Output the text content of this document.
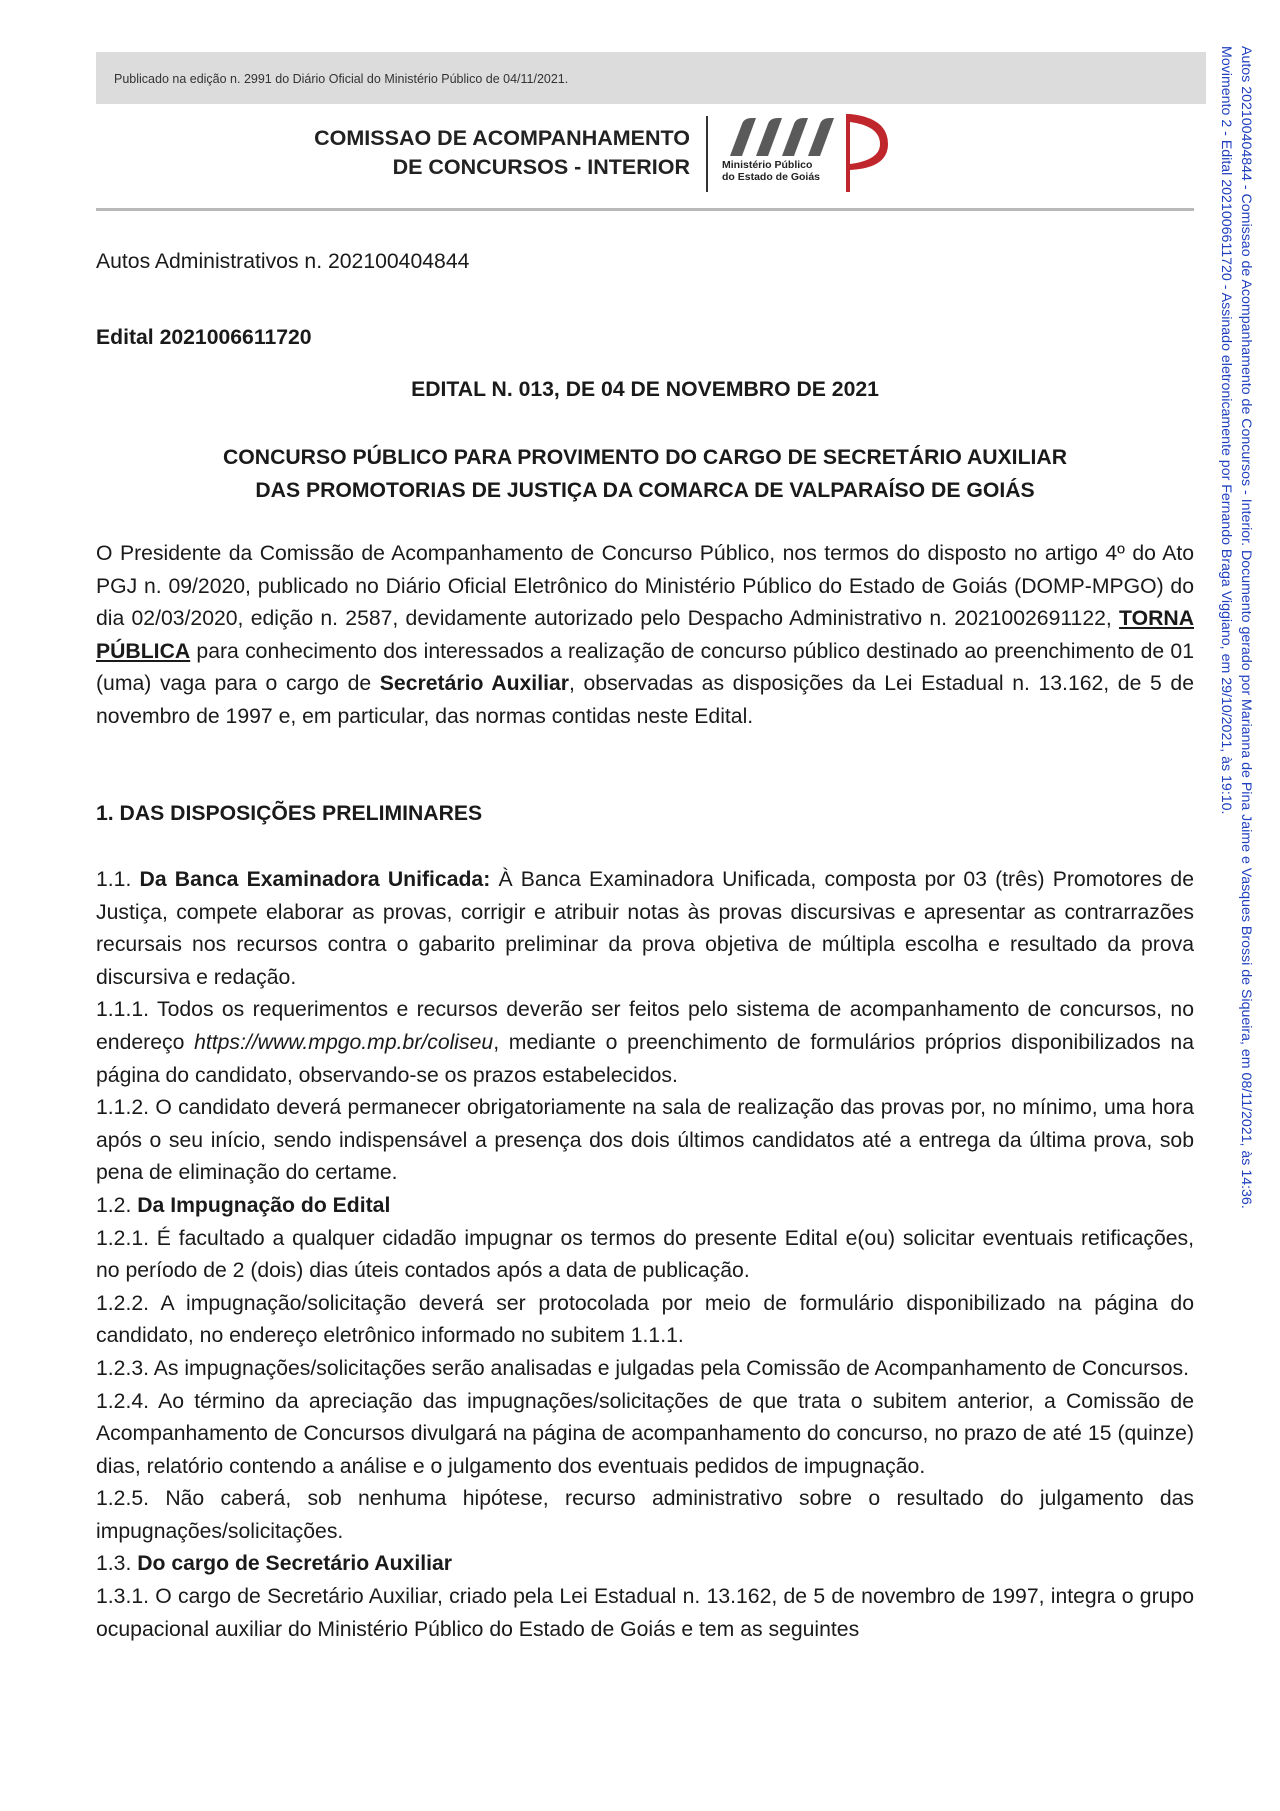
Publicado na edição n. 2991 do Diário Oficial do Ministério Público de 04/11/2021.
COMISSAO DE ACOMPANHAMENTO
DE CONCURSOS - INTERIOR	Ministério Público
do Estado de Goiás	Autos 202100404844 - Comissao de Acompanhamento de Concursos - Interior. Documento gerado por Marianna de Pina Jaime e Vasques Brossi de Siqueira, em 08/11/2021, às 14:36.
Movimento 2 - Edital 2021006611720 - Assinado eletronicamente por Fernando Braga Viggiano, em 29/10/2021, às 19:10.
Autos Administrativos n. 202100404844
Edital 2021006611720
EDITAL N. 013, DE 04 DE NOVEMBRO DE 2021
CONCURSO PÚBLICO PARA PROVIMENTO DO CARGO DE SECRETÁRIO AUXILIAR
DAS PROMOTORIAS DE JUSTIÇA DA COMARCA DE VALPARAÍSO DE GOIÁS
O Presidente da Comissão de Acompanhamento de Concurso Público, nos termos do disposto no artigo 4º do Ato PGJ n. 09/2020, publicado no Diário Oficial Eletrônico do Ministério Público do Estado de Goiás (DOMP-MPGO) do dia 02/03/2020, edição n. 2587, devidamente autorizado pelo Despacho Administrativo n. 2021002691122, TORNA PÚBLICA para conhecimento dos interessados a realização de concurso público destinado ao preenchimento de 01 (uma) vaga para o cargo de Secretário Auxiliar, observadas as disposições da Lei Estadual n. 13.162, de 5 de novembro de 1997 e, em particular, das normas contidas neste Edital.
1. DAS DISPOSIÇÕES PRELIMINARES

1.1. Da Banca Examinadora Unificada: À Banca Examinadora Unificada, composta por 03 (três) Promotores de Justiça, compete elaborar as provas, corrigir e atribuir notas às provas discursivas e apresentar as contrarrazões recursais nos recursos contra o gabarito preliminar da prova objetiva de múltipla escolha e resultado da prova discursiva e redação.

1.1.1. Todos os requerimentos e recursos deverão ser feitos pelo sistema de acompanhamento de concursos, no endereço https://www.mpgo.mp.br/coliseu, mediante o preenchimento de formulários próprios disponibilizados na página do candidato, observando-se os prazos estabelecidos.

1.1.2. O candidato deverá permanecer obrigatoriamente na sala de realização das provas por, no mínimo, uma hora após o seu início, sendo indispensável a presença dos dois últimos candidatos até a entrega da última prova, sob pena de eliminação do certame.

1.2. Da Impugnação do Edital

1.2.1. É facultado a qualquer cidadão impugnar os termos do presente Edital e(ou) solicitar eventuais retificações, no período de 2 (dois) dias úteis contados após a data de publicação.

1.2.2. A impugnação/solicitação deverá ser protocolada por meio de formulário disponibilizado na página do candidato, no endereço eletrônico informado no subitem 1.1.1.

1.2.3. As impugnações/solicitações serão analisadas e julgadas pela Comissão de Acompanhamento de Concursos.

1.2.4. Ao término da apreciação das impugnações/solicitações de que trata o subitem anterior, a Comissão de Acompanhamento de Concursos divulgará na página de acompanhamento do concurso, no prazo de até 15 (quinze) dias, relatório contendo a análise e o julgamento dos eventuais pedidos de impugnação.

1.2.5. Não caberá, sob nenhuma hipótese, recurso administrativo sobre o resultado do julgamento das impugnações/solicitações.

1.3. Do cargo de Secretário Auxiliar

1.3.1. O cargo de Secretário Auxiliar, criado pela Lei Estadual n. 13.162, de 5 de novembro de 1997, integra o grupo ocupacional auxiliar do Ministério Público do Estado de Goiás e tem as seguintes
